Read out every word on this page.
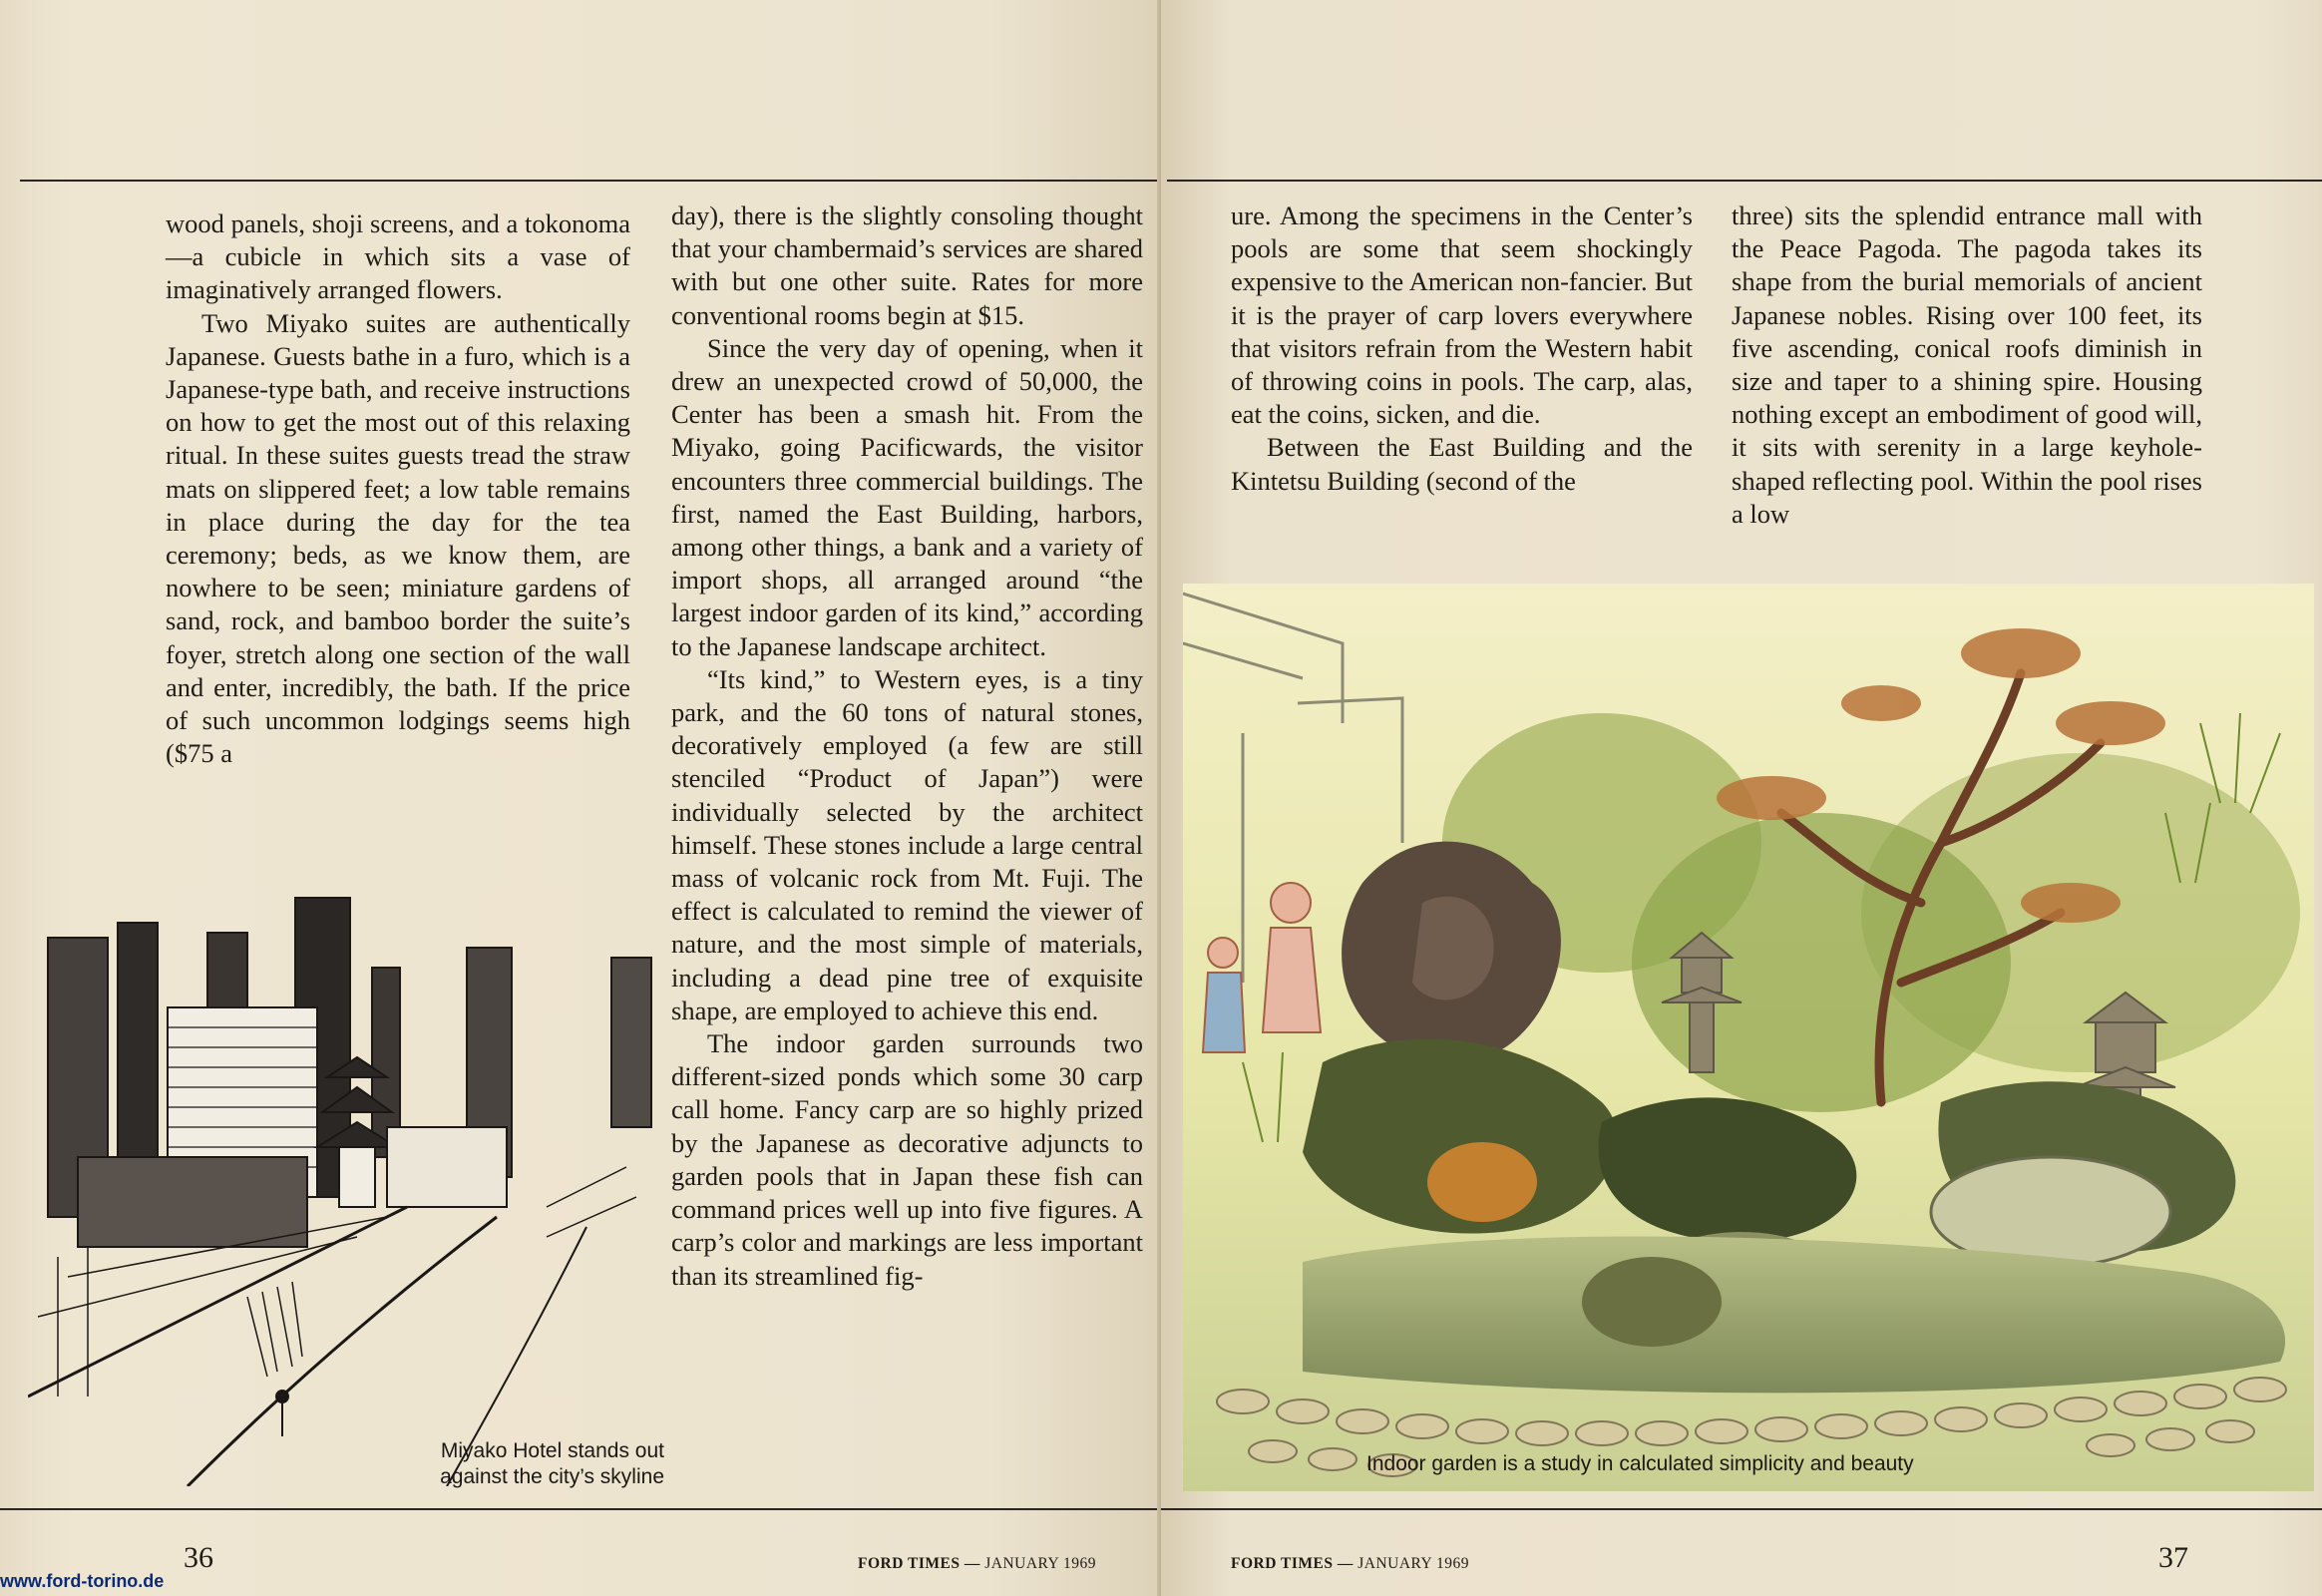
wood panels, shoji screens, and a tokonoma—a cubicle in which sits a vase of imaginatively arranged flowers.

Two Miyako suites are authentically Japanese. Guests bathe in a furo, which is a Japanese-type bath, and receive instructions on how to get the most out of this relaxing ritual. In these suites guests tread the straw mats on slippered feet; a low table remains in place during the day for the tea ceremony; beds, as we know them, are nowhere to be seen; miniature gardens of sand, rock, and bamboo border the suite’s foyer, stretch along one section of the wall and enter, incredibly, the bath. If the price of such uncommon lodgings seems high ($75 a

day), there is the slightly consoling thought that your chambermaid’s services are shared with but one other suite. Rates for more conventional rooms begin at $15.

Since the very day of opening, when it drew an unexpected crowd of 50,000, the Center has been a smash hit. From the Miyako, going Pacificwards, the visitor encounters three commercial buildings. The first, named the East Building, harbors, among other things, a bank and a variety of import shops, all arranged around “the largest indoor garden of its kind,” according to the Japanese landscape architect.

“Its kind,” to Western eyes, is a tiny park, and the 60 tons of natural stones, decoratively employed (a few are still stenciled “Product of Japan”) were individually selected by the architect himself. These stones include a large central mass of volcanic rock from Mt. Fuji. The effect is calculated to remind the viewer of nature, and the most simple of materials, including a dead pine tree of exquisite shape, are employed to achieve this end.

The indoor garden surrounds two different-sized ponds which some 30 carp call home. Fancy carp are so highly prized by the Japanese as decorative adjuncts to garden pools that in Japan these fish can command prices well up into five figures. A carp’s color and markings are less important than its streamlined fig-

Miyako Hotel stands out
against the city’s skyline
36	FORD TIMES — JANUARY 1969

ure. Among the specimens in the Center’s pools are some that seem shockingly expensive to the American non-fancier. But it is the prayer of carp lovers everywhere that visitors refrain from the Western habit of throwing coins in pools. The carp, alas, eat the coins, sicken, and die.

Between the East Building and the Kintetsu Building (second of the

three) sits the splendid entrance mall with the Peace Pagoda. The pagoda takes its shape from the burial memorials of ancient Japanese nobles. Rising over 100 feet, its five ascending, conical roofs diminish in size and taper to a shining spire. Housing nothing except an embodiment of good will, it sits with serenity in a large keyhole-shaped reflecting pool. Within the pool rises a low

Indoor garden is a study in calculated simplicity and beauty
FORD TIMES — JANUARY 1969	37
www.ford-torino.de
